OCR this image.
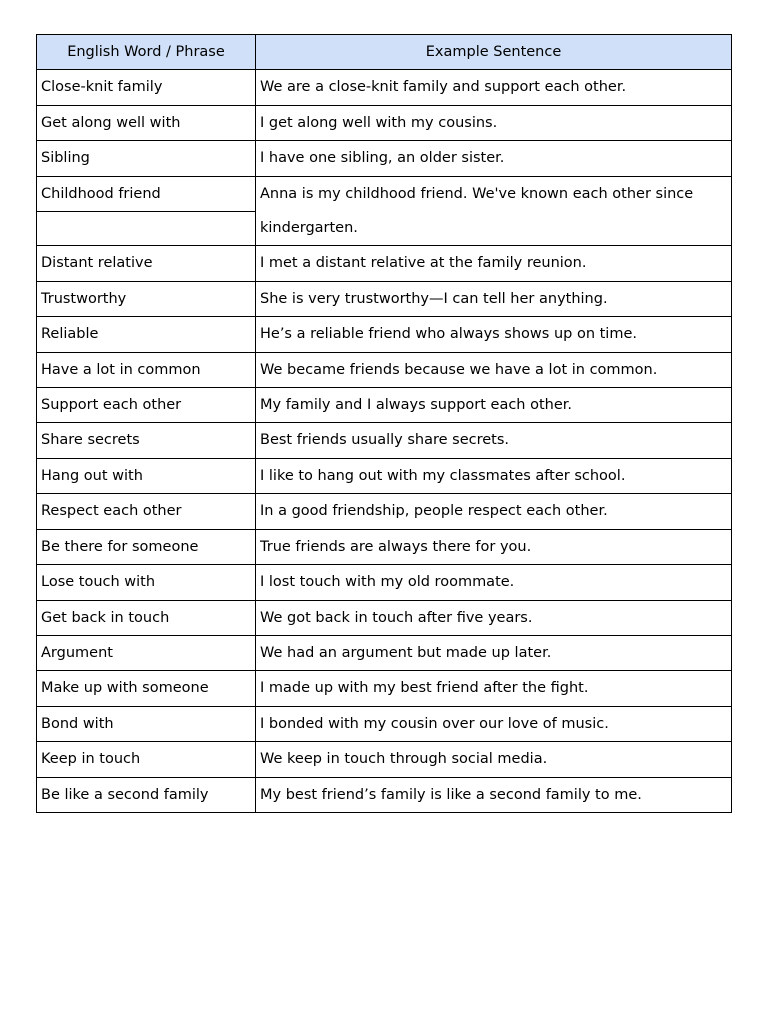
English Word / Phrase	Example Sentence
Close-knit family	We are a close-knit family and support each other.
Get along well with	I get along well with my cousins.
Sibling	I have one sibling, an older sister.
Childhood friend	Anna is my childhood friend. We've known each other since kindergarten.

Distant relative	I met a distant relative at the family reunion.
Trustworthy	She is very trustworthy—I can tell her anything.
Reliable	He’s a reliable friend who always shows up on time.
Have a lot in common	We became friends because we have a lot in common.
Support each other	My family and I always support each other.
Share secrets	Best friends usually share secrets.
Hang out with	I like to hang out with my classmates after school.
Respect each other	In a good friendship, people respect each other.
Be there for someone	True friends are always there for you.
Lose touch with	I lost touch with my old roommate.
Get back in touch	We got back in touch after five years.
Argument	We had an argument but made up later.
Make up with someone	I made up with my best friend after the fight.
Bond with	I bonded with my cousin over our love of music.
Keep in touch	We keep in touch through social media.
Be like a second family	My best friend’s family is like a second family to me.
